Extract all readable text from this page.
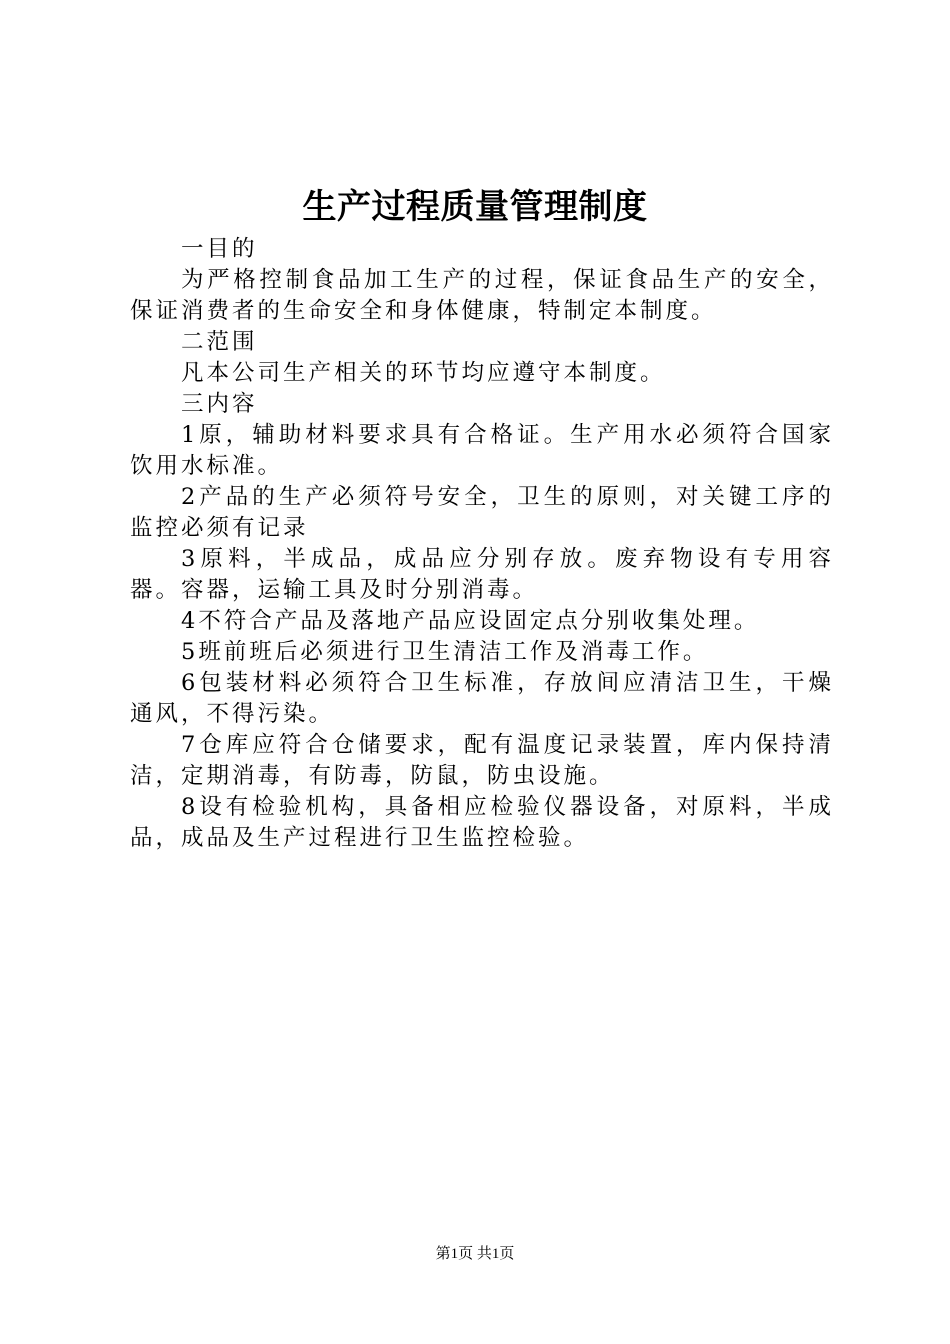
生产过程质量管理制度

一目的

为严格控制食品加工生产的过程，保证食品生产的安全，保证消费者的生命安全和身体健康，特制定本制度。

二范围

凡本公司生产相关的环节均应遵守本制度。

三内容

1原，辅助材料要求具有合格证。生产用水必须符合国家饮用水标准。

2产品的生产必须符号安全，卫生的原则，对关键工序的监控必须有记录

3原料，半成品，成品应分别存放。废弃物设有专用容器。容器，运输工具及时分别消毒。

4不符合产品及落地产品应设固定点分别收集处理。

5班前班后必须进行卫生清洁工作及消毒工作。

6包装材料必须符合卫生标准，存放间应清洁卫生，干燥通风，不得污染。

7仓库应符合仓储要求，配有温度记录装置，库内保持清洁，定期消毒，有防毒，防鼠，防虫设施。

8设有检验机构，具备相应检验仪器设备，对原料，半成品，成品及生产过程进行卫生监控检验。

第1页 共1页
